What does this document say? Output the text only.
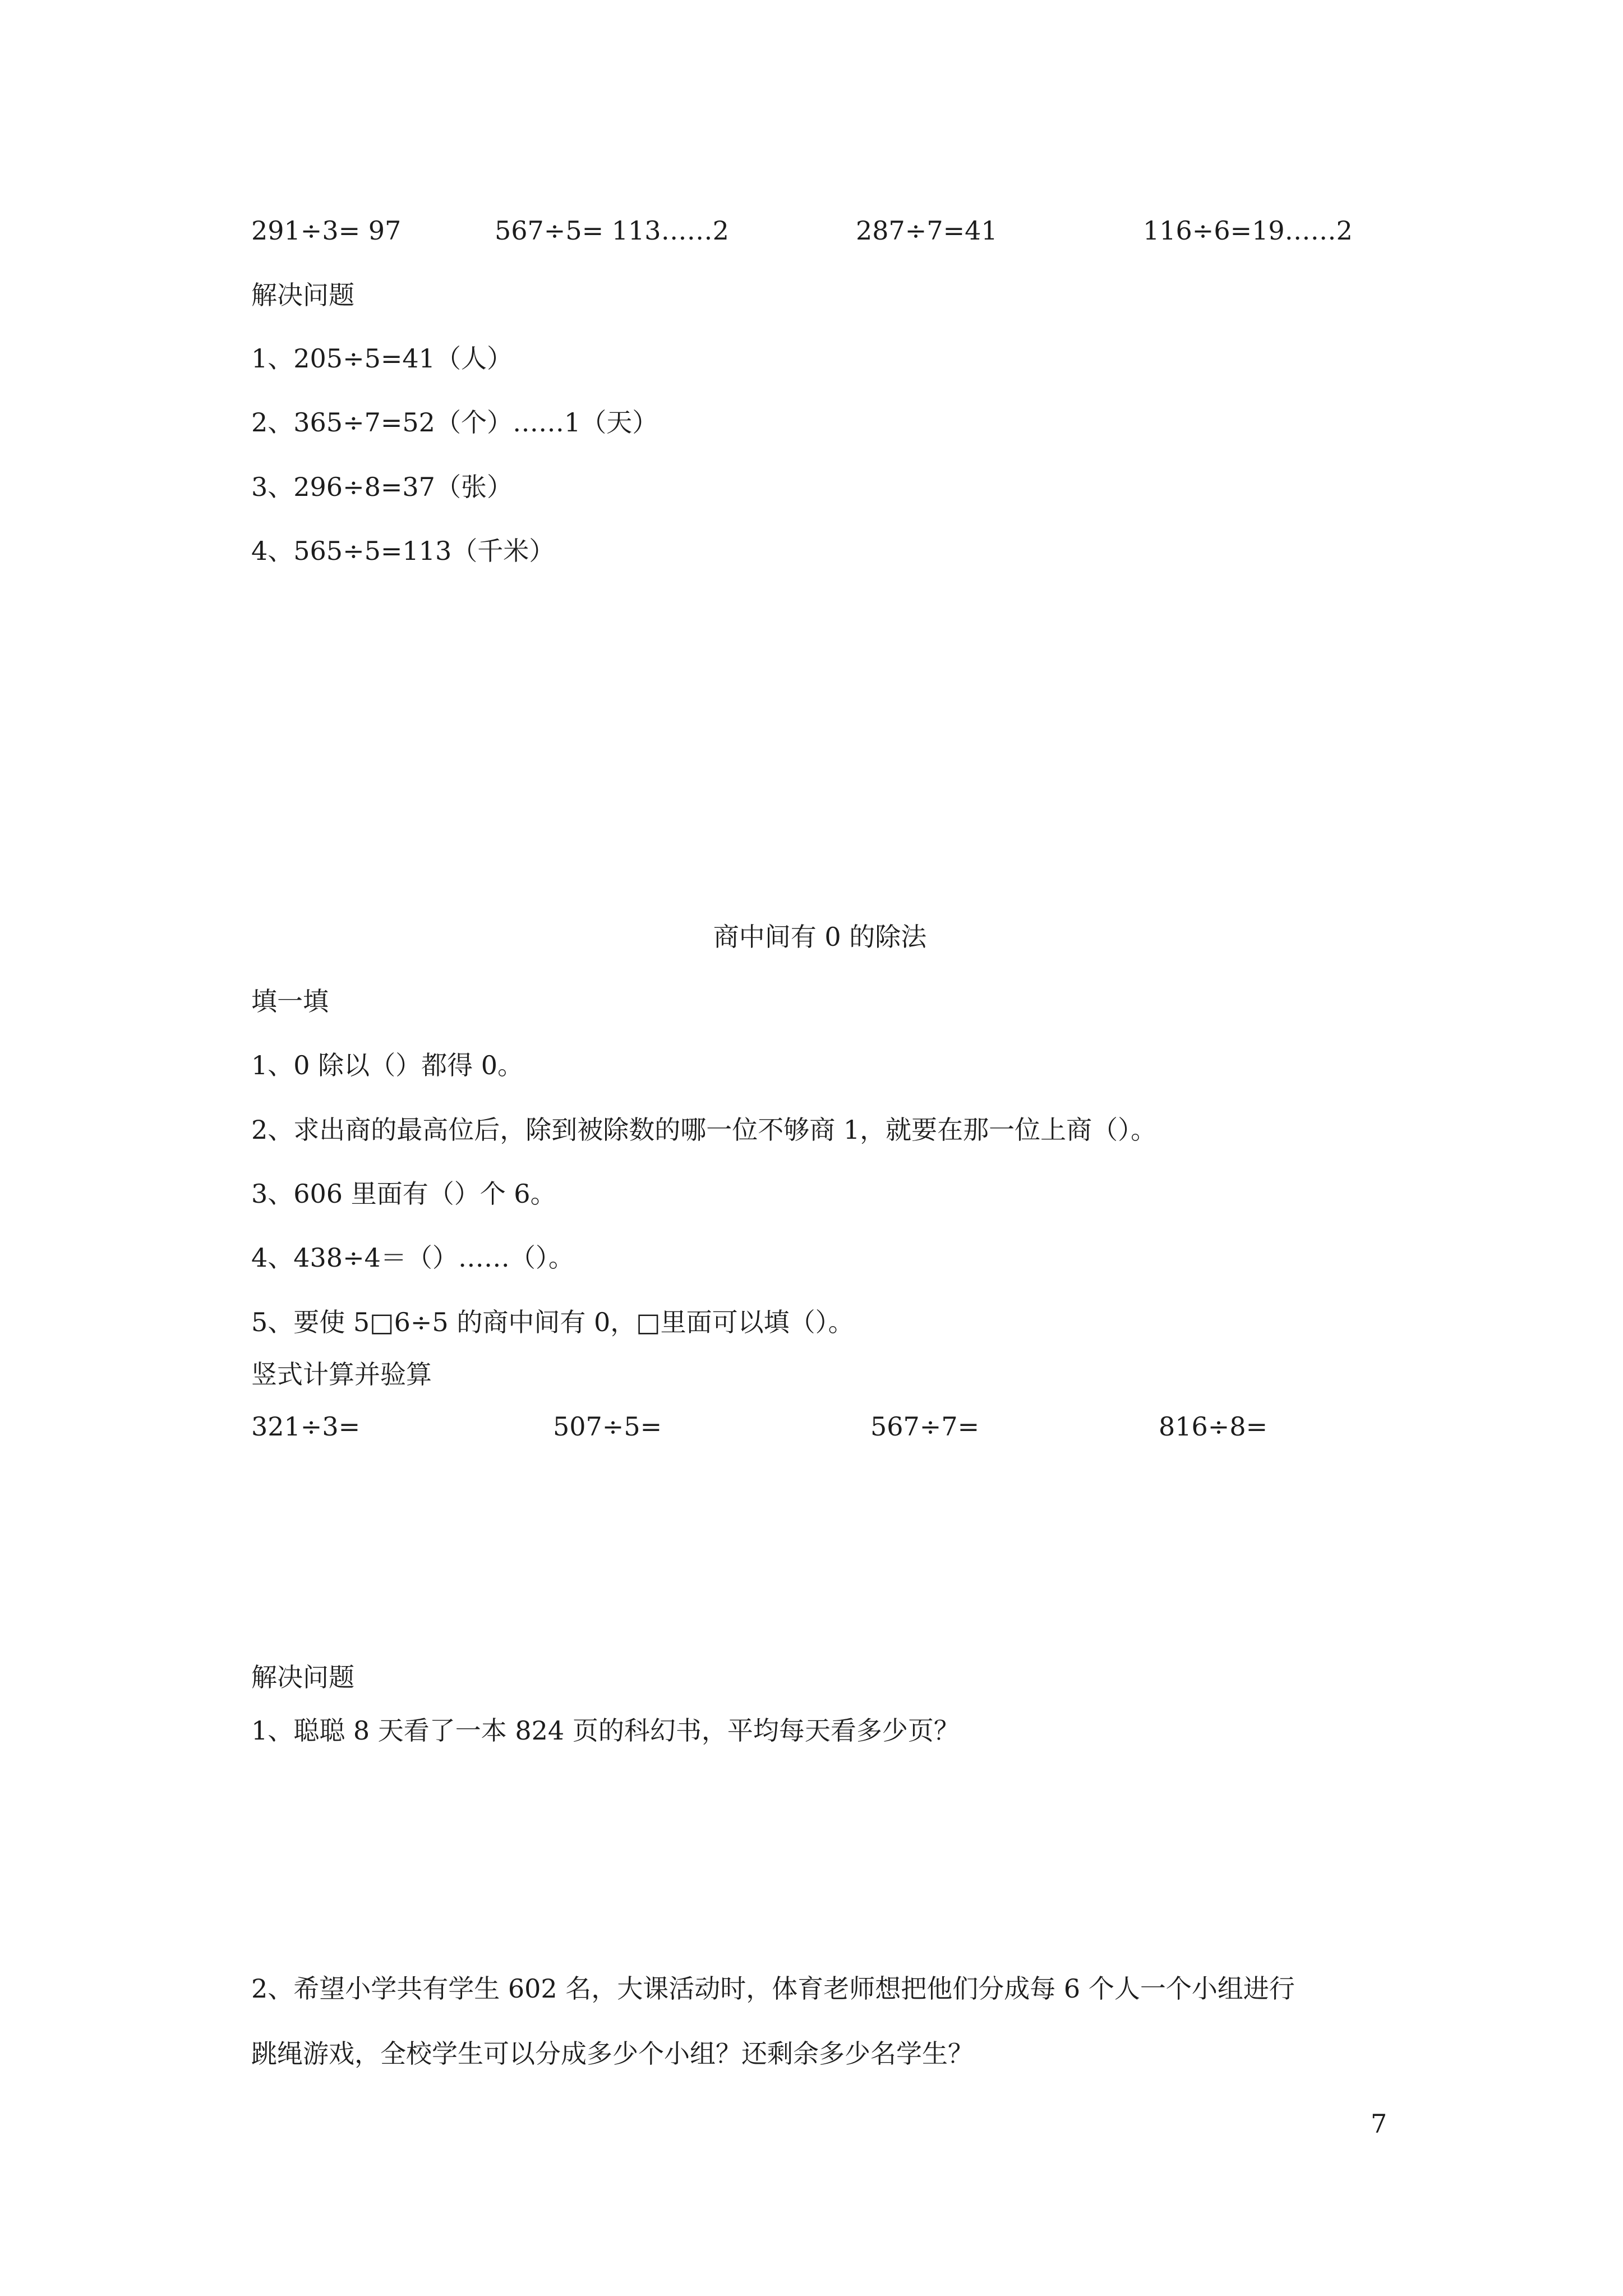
291÷3= 97	567÷5= 113……2	287÷7=41	116÷6=19……2
解决问题
1、205÷5=41（人）
2、365÷7=52（个）……1（天）
3、296÷8=37（张）
4、565÷5=113（千米）
商中间有 0 的除法
填一填
1、0 除以（）都得 0。
2、求出商的最高位后，除到被除数的哪一位不够商 1，就要在那一位上商（）。
3、606 里面有（）个 6。
4、438÷4＝（）……（）。
5、要使 5□6÷5 的商中间有 0，□里面可以填（）。
竖式计算并验算
321÷3=	507÷5=	567÷7=	816÷8=
解决问题
1、聪聪 8 天看了一本 824 页的科幻书，平均每天看多少页？
2、希望小学共有学生 602 名，大课活动时，体育老师想把他们分成每 6 个人一个小组进行
跳绳游戏，全校学生可以分成多少个小组？还剩余多少名学生？
7
